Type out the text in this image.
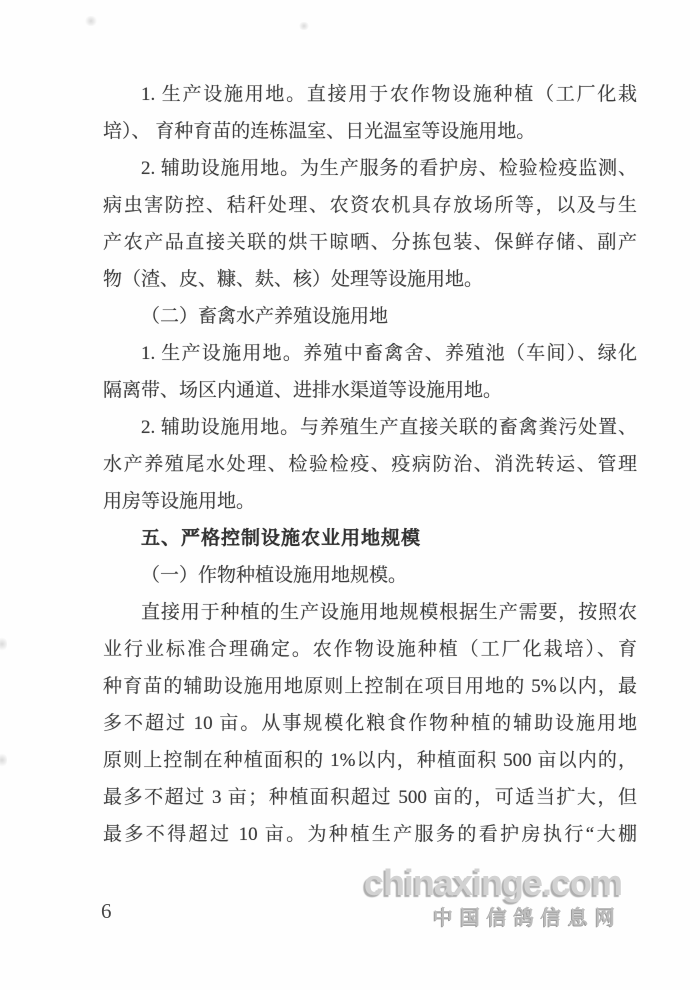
1. 生产设施用地。直接用于农作物设施种植（工厂化栽
培）、 育种育苗的连栋温室、日光温室等设施用地。
2. 辅助设施用地。为生产服务的看护房、检验检疫监测、
病虫害防控、秸秆处理、农资农机具存放场所等，以及与生
产农产品直接关联的烘干晾晒、分拣包装、保鲜存储、副产
物（渣、皮、糠、麸、核）处理等设施用地。
（二）畜禽水产养殖设施用地
1. 生产设施用地。养殖中畜禽舍、养殖池（车间）、绿化
隔离带、场区内通道、进排水渠道等设施用地。
2. 辅助设施用地。与养殖生产直接关联的畜禽粪污处置、
水产养殖尾水处理、检验检疫、疫病防治、消洗转运、管理
用房等设施用地。
五、严格控制设施农业用地规模
（一）作物种植设施用地规模。
直接用于种植的生产设施用地规模根据生产需要，按照农
业行业标准合理确定。农作物设施种植（工厂化栽培）、育
种育苗的辅助设施用地原则上控制在项目用地的 5%以内，最
多不超过 10 亩。从事规模化粮食作物种植的辅助设施用地
原则上控制在种植面积的 1%以内，种植面积 500 亩以内的，
最多不超过 3 亩；种植面积超过 500 亩的，可适当扩大，但
最多不得超过 10 亩。为种植生产服务的看护房执行“大棚
6
chinaxinge.com
中国信鸽信息网
